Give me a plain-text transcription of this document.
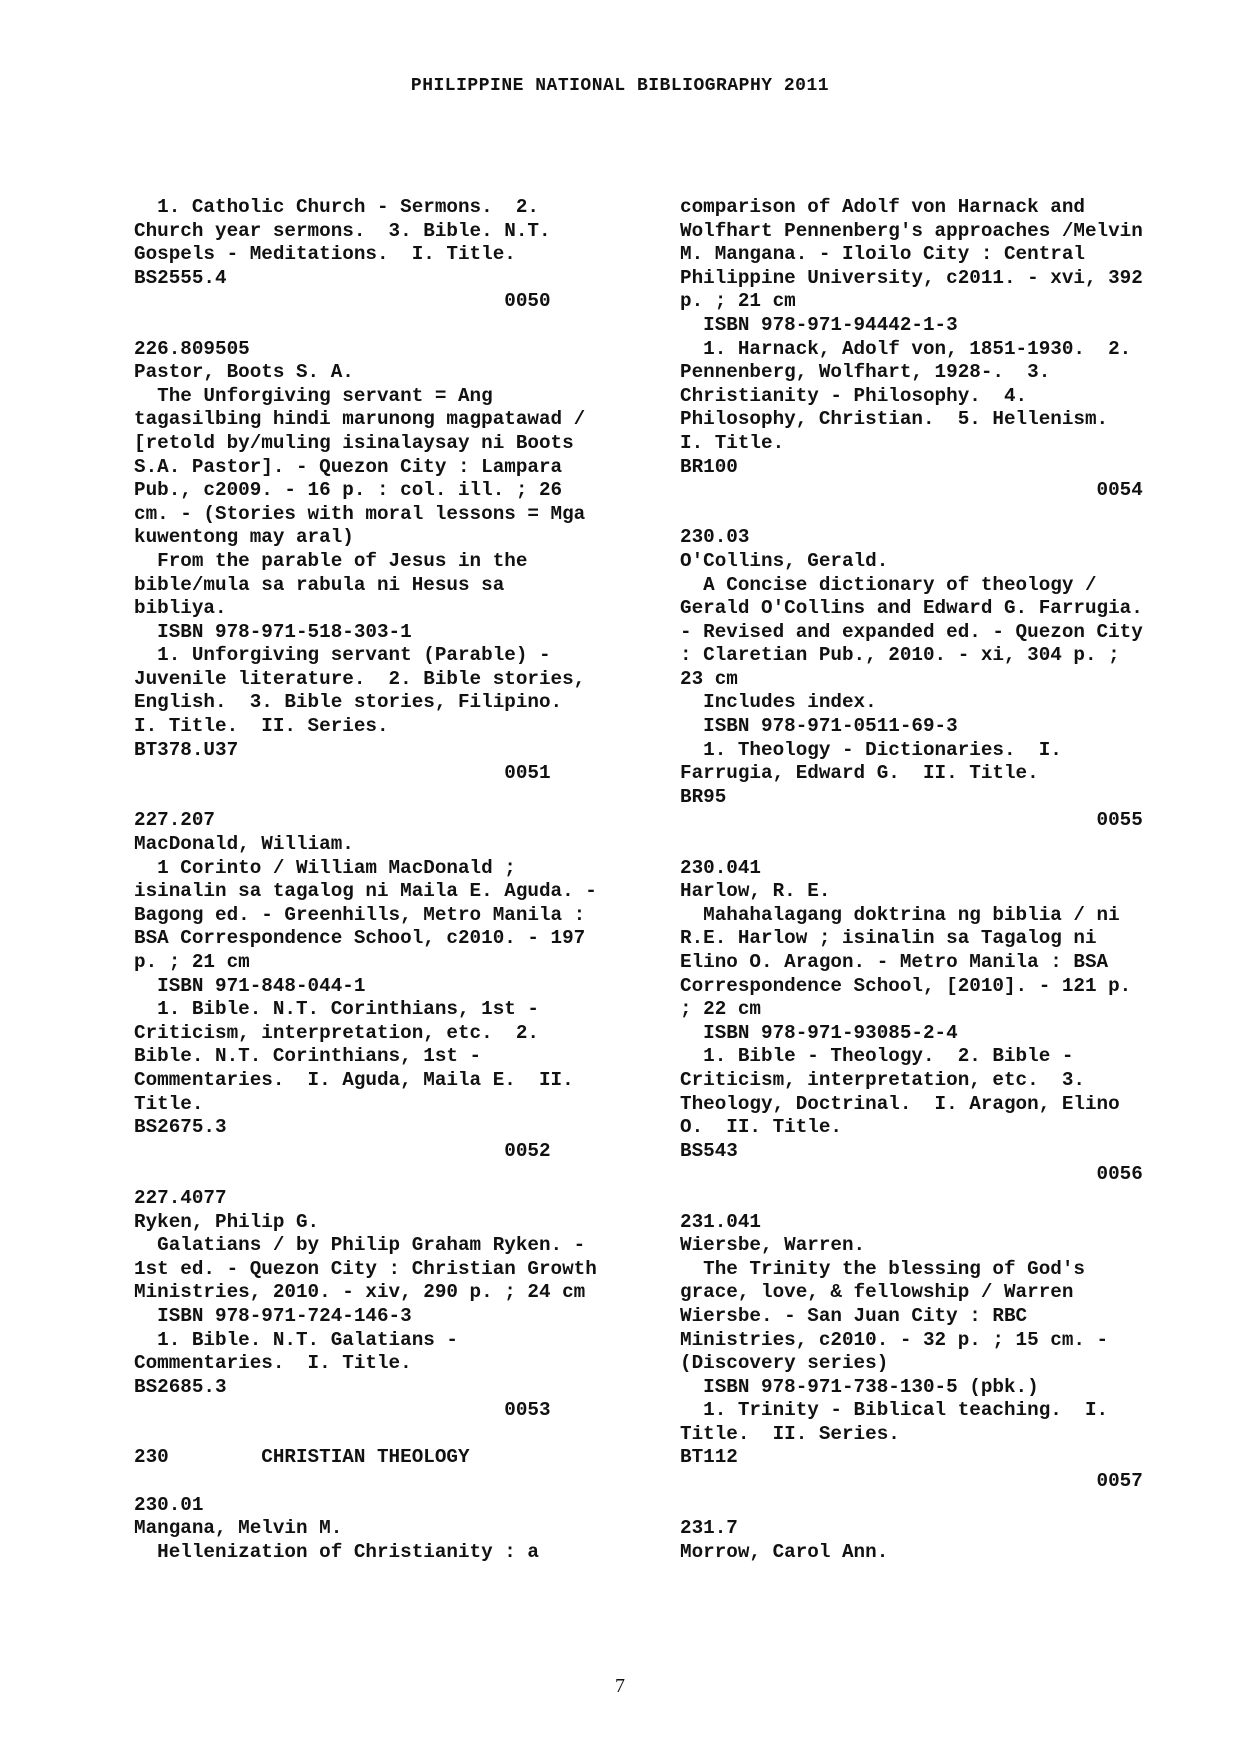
PHILIPPINE NATIONAL BIBLIOGRAPHY 2011
1. Catholic Church - Sermons.  2.
Church year sermons.  3. Bible. N.T.
Gospels - Meditations.  I. Title.
BS2555.4
0050
226.809505
Pastor, Boots S. A.
The Unforgiving servant = Ang
tagasilbing hindi marunong magpatawad /
[retold by/muling isinalaysay ni Boots
S.A. Pastor]. - Quezon City : Lampara
Pub., c2009. - 16 p. : col. ill. ; 26
cm. - (Stories with moral lessons = Mga
kuwentong may aral)
From the parable of Jesus in the
bible/mula sa rabula ni Hesus sa
bibliya.
ISBN 978-971-518-303-1
1. Unforgiving servant (Parable) -
Juvenile literature.  2. Bible stories,
English.  3. Bible stories, Filipino.
I. Title.  II. Series.
BT378.U37
0051
227.207
MacDonald, William.
1 Corinto / William MacDonald ;
isinalin sa tagalog ni Maila E. Aguda. -
Bagong ed. - Greenhills, Metro Manila :
BSA Correspondence School, c2010. - 197
p. ; 21 cm
ISBN 971-848-044-1
1. Bible. N.T. Corinthians, 1st -
Criticism, interpretation, etc.  2.
Bible. N.T. Corinthians, 1st -
Commentaries.  I. Aguda, Maila E.  II.
Title.
BS2675.3
0052
227.4077
Ryken, Philip G.
Galatians / by Philip Graham Ryken. -
1st ed. - Quezon City : Christian Growth
Ministries, 2010. - xiv, 290 p. ; 24 cm
ISBN 978-971-724-146-3
1. Bible. N.T. Galatians -
Commentaries.  I. Title.
BS2685.3
0053
230        CHRISTIAN THEOLOGY
230.01
Mangana, Melvin M.
Hellenization of Christianity : a
comparison of Adolf von Harnack and
Wolfhart Pennenberg's approaches /Melvin
M. Mangana. - Iloilo City : Central
Philippine University, c2011. - xvi, 392
p. ; 21 cm
ISBN 978-971-94442-1-3
1. Harnack, Adolf von, 1851-1930.  2.
Pennenberg, Wolfhart, 1928-.  3.
Christianity - Philosophy.  4.
Philosophy, Christian.  5. Hellenism.
I. Title.
BR100
0054
230.03
O'Collins, Gerald.
A Concise dictionary of theology /
Gerald O'Collins and Edward G. Farrugia.
- Revised and expanded ed. - Quezon City
: Claretian Pub., 2010. - xi, 304 p. ;
23 cm
Includes index.
ISBN 978-971-0511-69-3
1. Theology - Dictionaries.  I.
Farrugia, Edward G.  II. Title.
BR95
0055
230.041
Harlow, R. E.
Mahahalagang doktrina ng biblia / ni
R.E. Harlow ; isinalin sa Tagalog ni
Elino O. Aragon. - Metro Manila : BSA
Correspondence School, [2010]. - 121 p.
; 22 cm
ISBN 978-971-93085-2-4
1. Bible - Theology.  2. Bible -
Criticism, interpretation, etc.  3.
Theology, Doctrinal.  I. Aragon, Elino
O.  II. Title.
BS543
0056
231.041
Wiersbe, Warren.
The Trinity the blessing of God's
grace, love, & fellowship / Warren
Wiersbe. - San Juan City : RBC
Ministries, c2010. - 32 p. ; 15 cm. -
(Discovery series)
ISBN 978-971-738-130-5 (pbk.)
1. Trinity - Biblical teaching.  I.
Title.  II. Series.
BT112
0057
231.7
Morrow, Carol Ann.
7
